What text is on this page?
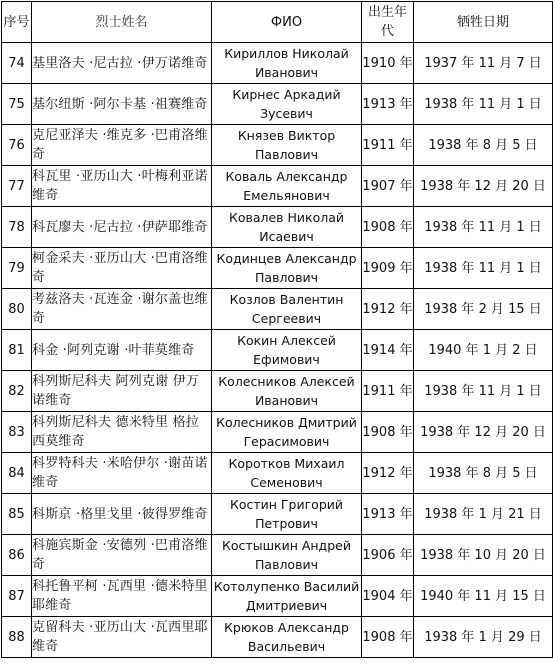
序号	烈士姓名	ФИО	出生年代	牺牲日期
74	基里洛夫 ·尼古拉 ·伊万诺维奇	Кириллов Николай Иванович	1910 年	1937 年 11 月 7 日
75	基尔纽斯 ·阿尔卡基 ·祖赛维奇	Кирнес Аркадий Зусевич	1913 年	1938 年 11 月 1 日
76	克尼亚泽夫 ·维克多 ·巴甫洛维奇	Князев Виктор Павлович	1911 年	1938 年 8 月 5 日
77	科瓦里 ·亚历山大 ·叶梅利亚诺维奇	Коваль Александр Емельянович	1907 年	1938 年 12 月 20 日
78	科瓦廖夫 ·尼古拉 ·伊萨耶维奇	Ковалев Николай Исаевич	1908 年	1938 年 11 月 1 日
79	柯金采夫 ·亚历山大 ·巴甫洛维奇	Кодинцев Александр Павлович	1909 年	1938 年 11 月 1 日
80	考兹洛夫 ·瓦连金 ·谢尔盖也维奇	Козлов Валентин Сергеевич	1912 年	1938 年 2 月 15 日
81	科金 ·阿列克谢 ·叶菲莫维奇	Кокин Алексей Ефимович	1914 年	1940 年 1 月 2 日
82	科列斯尼科夫 阿列克谢 伊万诺维奇	Колесников Алексей Иванович	1911 年	1938 年 11 月 1 日
83	科列斯尼科夫 德米特里 格拉西莫维奇	Колесников Дмитрий Герасимович	1908 年	1938 年 12 月 20 日
84	科罗特科夫 ·米哈伊尔 ·谢苗诺维奇	Коротков Михаил Семенович	1912 年	1938 年 8 月 5 日
85	科斯京 ·格里戈里 ·彼得罗维奇	Костин Григорий Петрович	1913 年	1938 年 1 月 21 日
86	科施宾斯金 ·安德列 ·巴甫洛维奇	Костышкин Андрей Павлович	1906 年	1938 年 10 月 20 日
87	科托鲁平柯 ·瓦西里 ·德米特里耶维奇	Котолупенко Василий Дмитриевич	1904 年	1940 年 11 月 15 日
88	克留科夫 ·亚历山大 ·瓦西里耶维奇	Крюков Александр Васильевич	1908 年	1938 年 1 月 29 日
